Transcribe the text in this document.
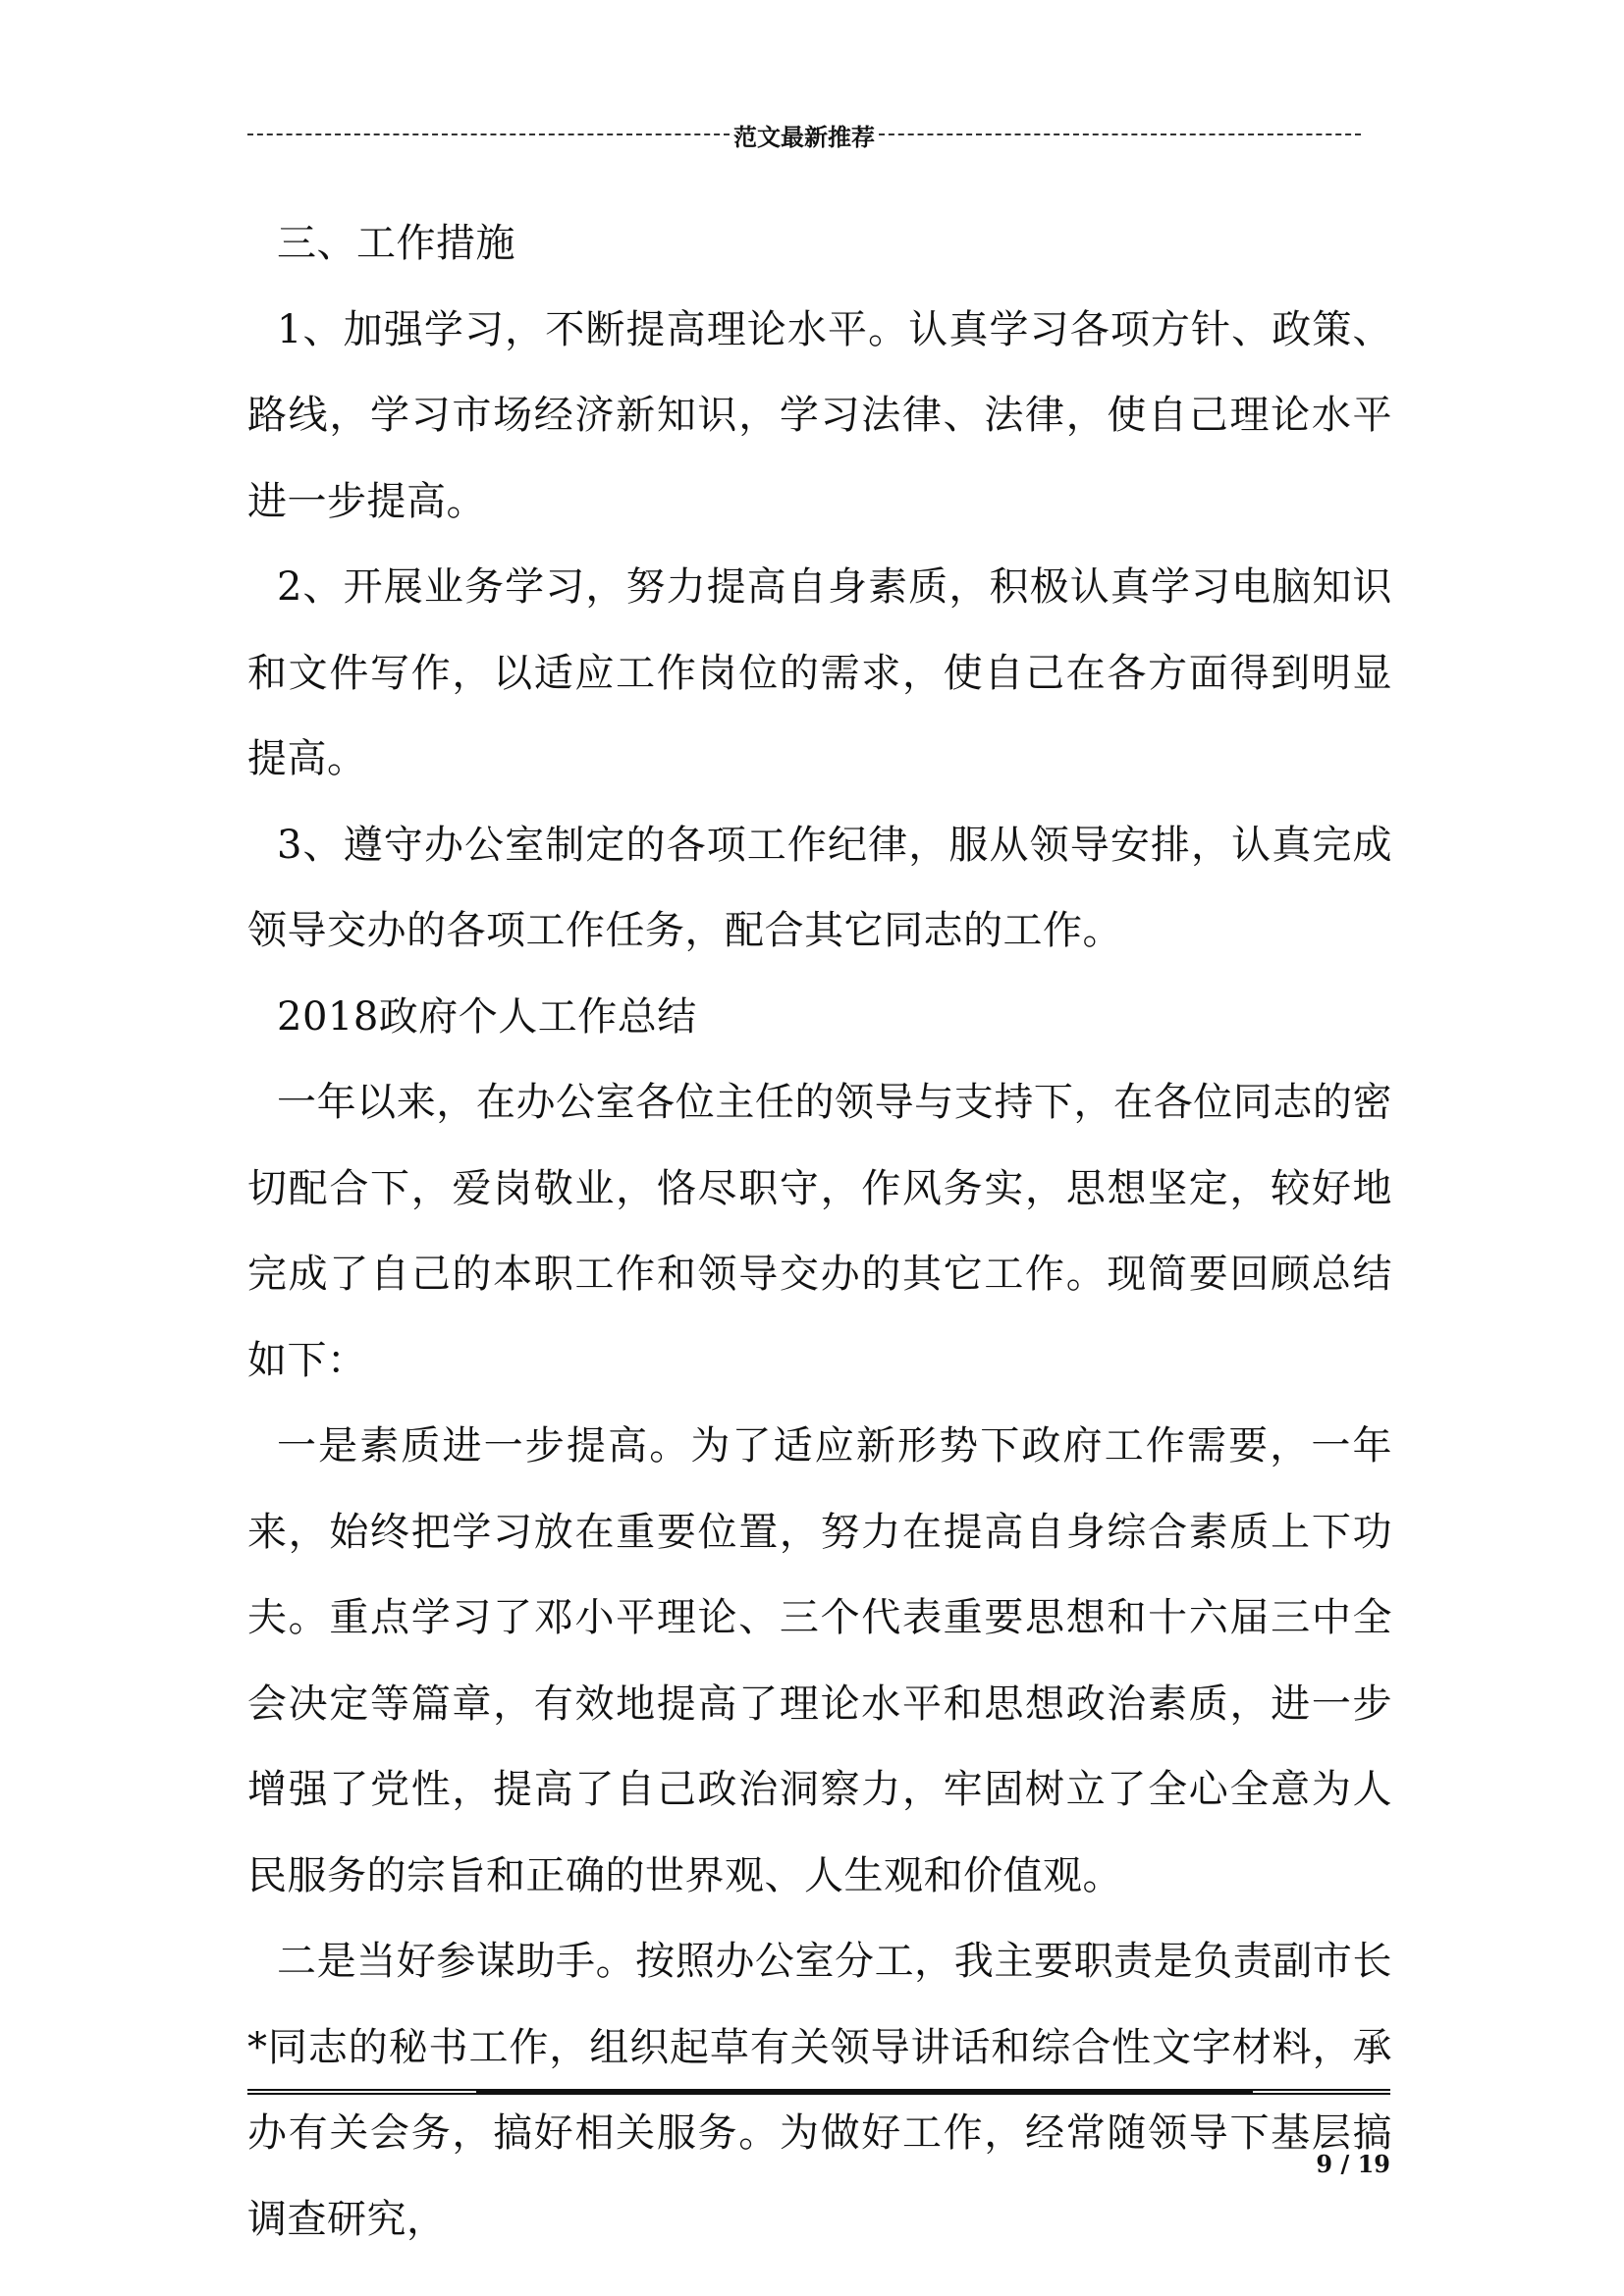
范文最新推荐

三、工作措施

1、加强学习，不断提高理论水平。认真学习各项方针、政策、路线，学习市场经济新知识，学习法律、法律，使自己理论水平进一步提高。

2、开展业务学习，努力提高自身素质，积极认真学习电脑知识和文件写作，以适应工作岗位的需求，使自己在各方面得到明显提高。

3、遵守办公室制定的各项工作纪律，服从领导安排，认真完成领导交办的各项工作任务，配合其它同志的工作。

2018政府个人工作总结

一年以来，在办公室各位主任的领导与支持下，在各位同志的密切配合下，爱岗敬业，恪尽职守，作风务实，思想坚定，较好地完成了自己的本职工作和领导交办的其它工作。现简要回顾总结如下：

一是素质进一步提高。为了适应新形势下政府工作需要，一年来，始终把学习放在重要位置，努力在提高自身综合素质上下功夫。重点学习了邓小平理论、三个代表重要思想和十六届三中全会决定等篇章，有效地提高了理论水平和思想政治素质，进一步增强了党性，提高了自己政治洞察力，牢固树立了全心全意为人民服务的宗旨和正确的世界观、人生观和价值观。

二是当好参谋助手。按照办公室分工，我主要职责是负责副市长*同志的秘书工作，组织起草有关领导讲话和综合性文字材料，承办有关会务，搞好相关服务。为做好工作，经常随领导下基层搞调查研究，

9 / 19
